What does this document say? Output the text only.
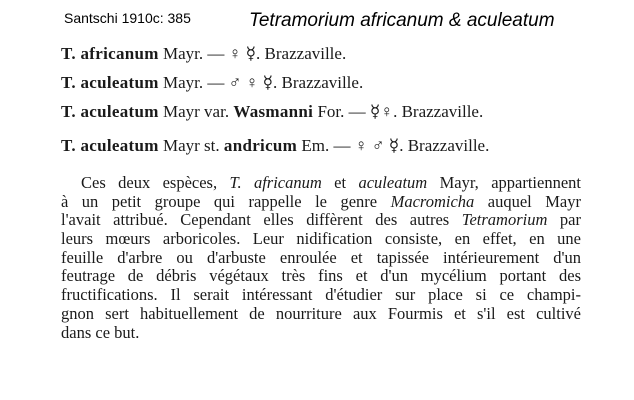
Santschi 1910c: 385	Tetramorium africanum & aculeatum
T. africanum Mayr. — ♀ ☿. Brazzaville.
T. aculeatum Mayr. — ♂ ♀ ☿. Brazzaville.
T. aculeatum Mayr var. Wasmanni For. — ☿♀. Brazzaville.
T. aculeatum Mayr st. andricum Em. — ♀ ♂ ☿. Brazzaville.
Ces deux espèces, T. africanum et aculeatum Mayr, appartiennent
à un petit groupe qui rappelle le genre Macromicha auquel Mayr
l'avait attribué. Cependant elles diffèrent des autres Tetramorium par
leurs mœurs arboricoles. Leur nidification consiste, en effet, en une
feuille d'arbre ou d'arbuste enroulée et tapissée intérieurement d'un
feutrage de débris végétaux très fins et d'un mycélium portant des
fructifications. Il serait intéressant d'étudier sur place si ce champi-
gnon sert habituellement de nourriture aux Fourmis et s'il est cultivé
dans ce but.
